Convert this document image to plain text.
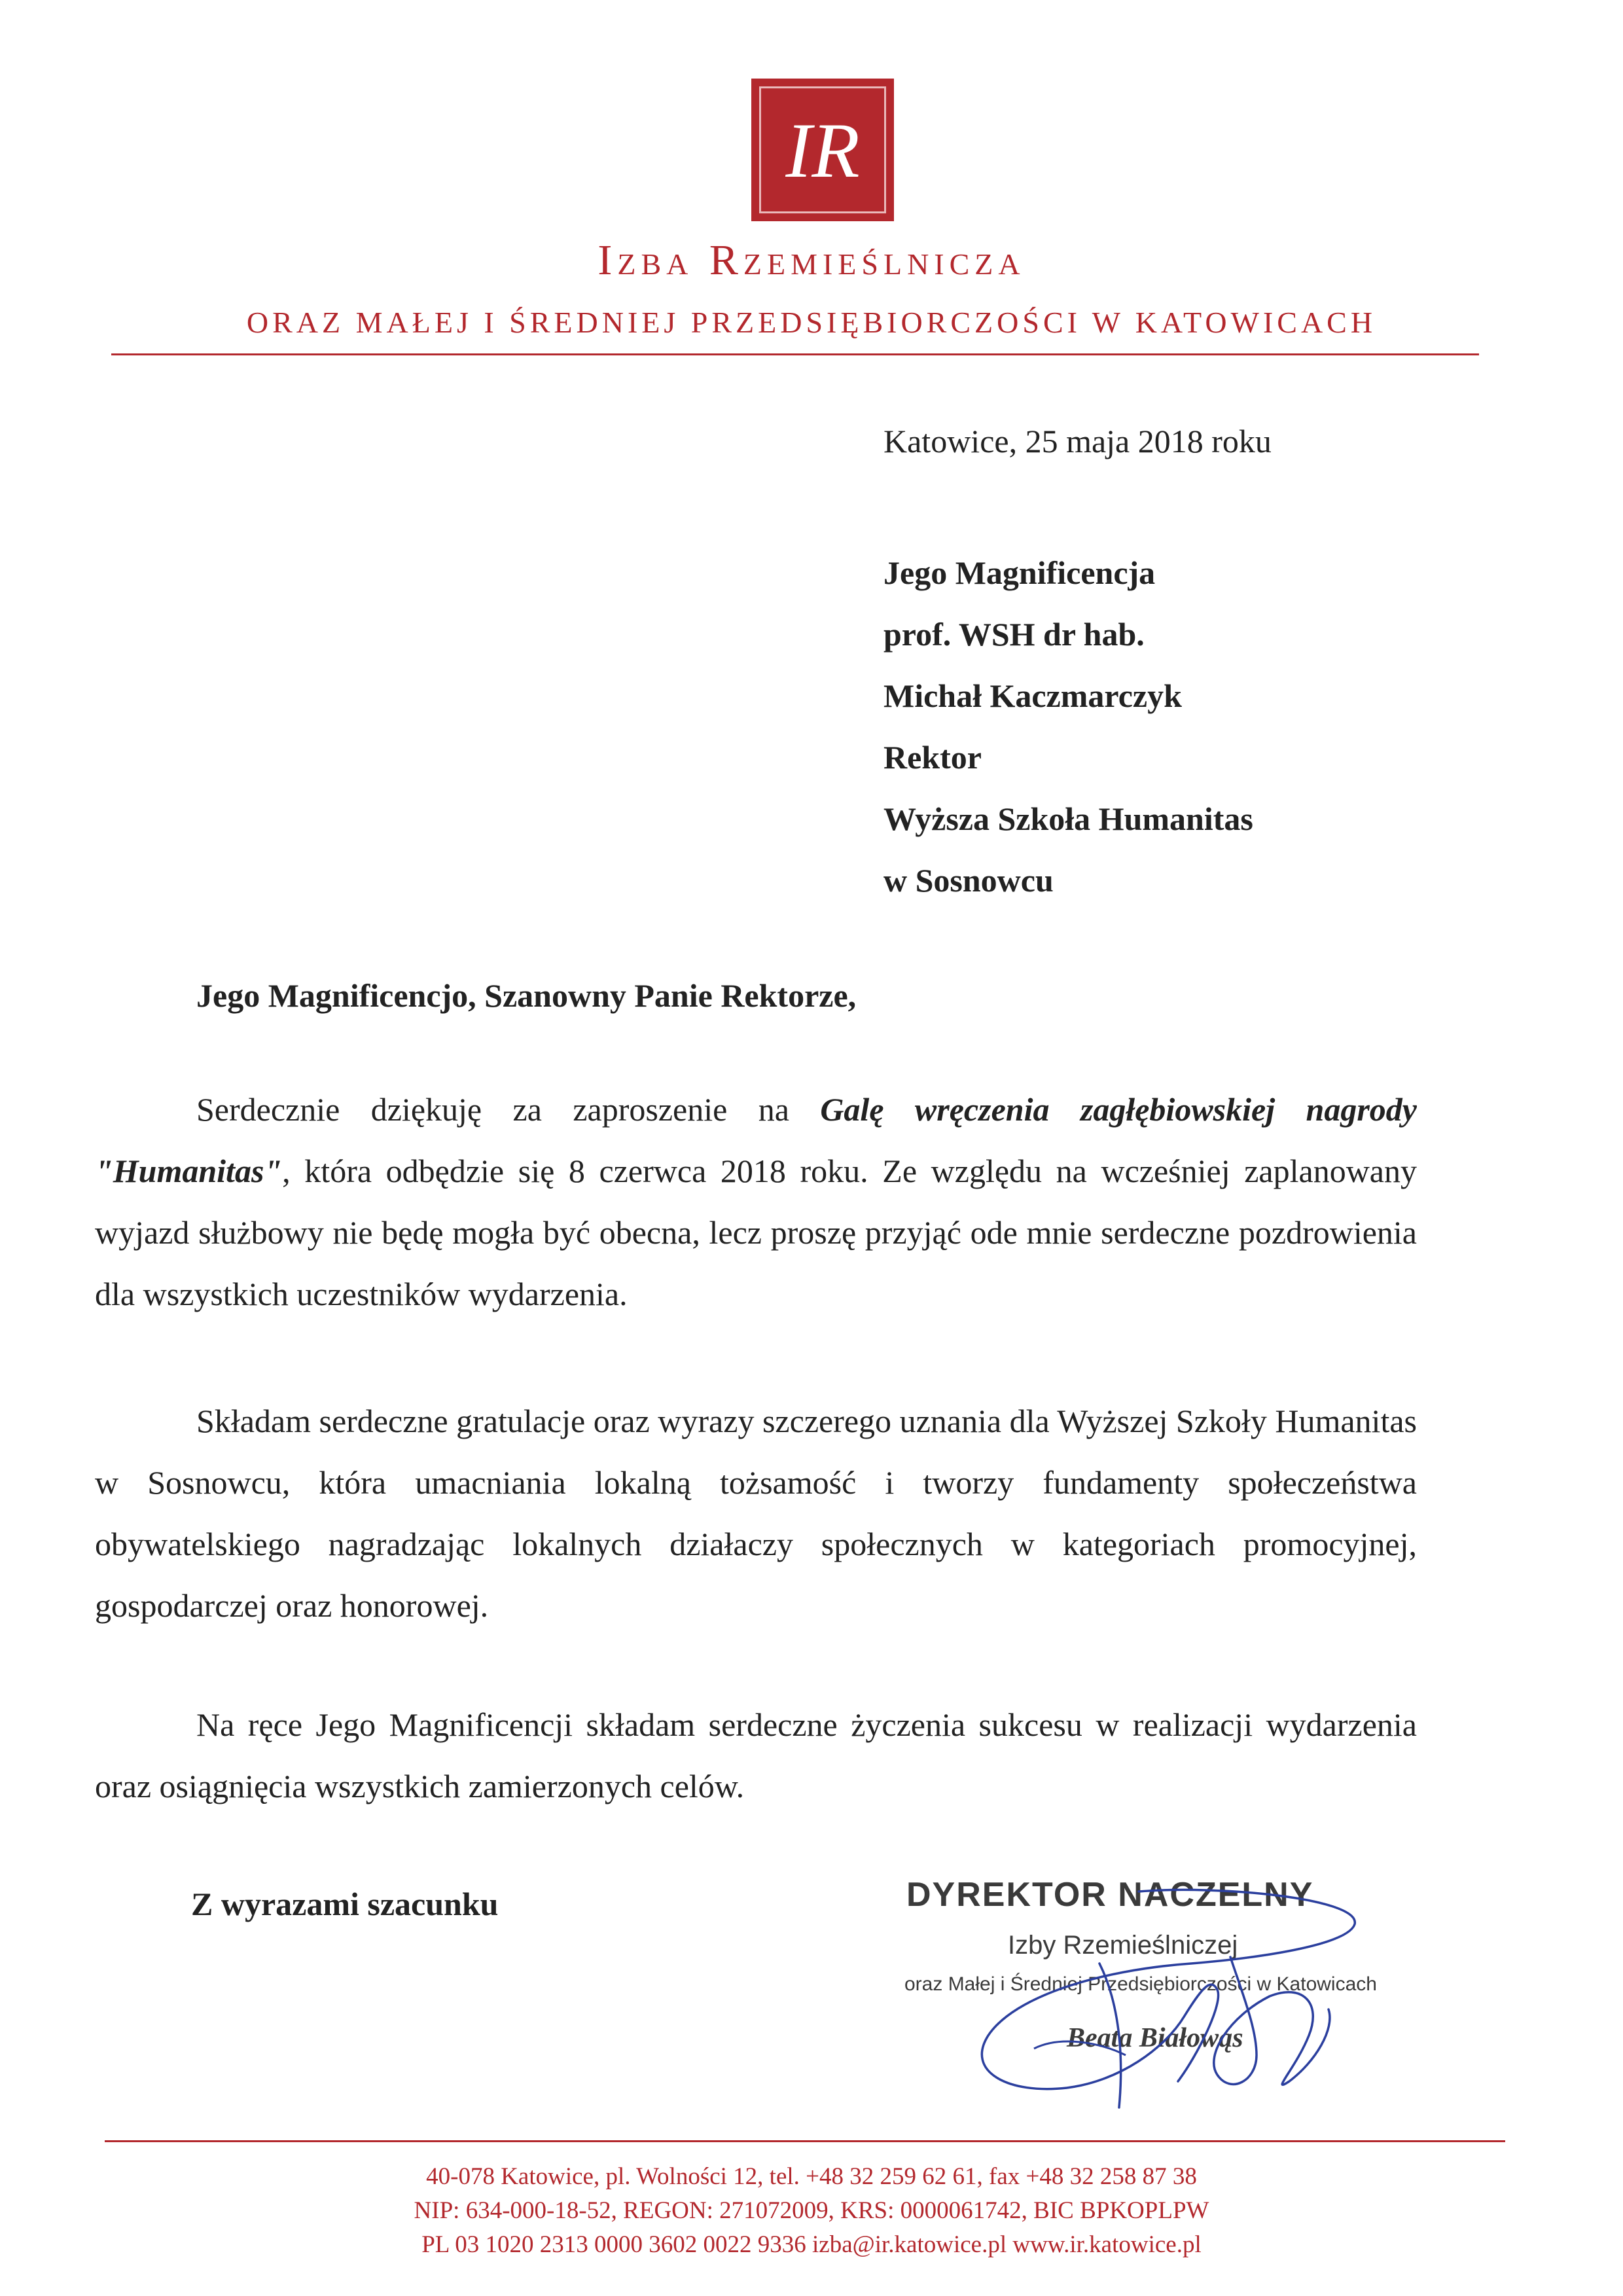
IR
Izba Rzemieślnicza
ORAZ MAŁEJ I ŚREDNIEJ PRZEDSIĘBIORCZOŚCI W KATOWICACH
Katowice, 25 maja 2018 roku
Jego Magnificencja
prof. WSH dr hab.
Michał Kaczmarczyk
Rektor
Wyższa Szkoła Humanitas
w Sosnowcu
Jego Magnificencjo, Szanowny Panie Rektorze,
Serdecznie dziękuję za zaproszenie na Galę wręczenia zagłębiowskiej nagrody "Humanitas", która odbędzie się 8 czerwca 2018 roku. Ze względu na wcześniej zaplanowany wyjazd służbowy nie będę mogła być obecna, lecz proszę przyjąć ode mnie serdeczne pozdrowienia dla wszystkich uczestników wydarzenia.
Składam serdeczne gratulacje oraz wyrazy szczerego uznania dla Wyższej Szkoły Humanitas w Sosnowcu, która umacniania lokalną tożsamość i tworzy fundamenty społeczeństwa obywatelskiego nagradzając lokalnych działaczy społecznych w kategoriach promocyjnej, gospodarczej oraz honorowej.
Na ręce Jego Magnificencji składam serdeczne życzenia sukcesu w realizacji wydarzenia oraz osiągnięcia wszystkich zamierzonych celów.
Z wyrazami szacunku	DYREKTOR NACZELNY
Izby Rzemieślniczej
oraz Małej i Średniej Przedsiębiorczości w Katowicach
Beata Białowąs
40-078 Katowice, pl. Wolności 12, tel. +48 32 259 62 61, fax +48 32 258 87 38
NIP: 634-000-18-52, REGON: 271072009, KRS: 0000061742, BIC BPKOPLPW
PL 03 1020 2313 0000 3602 0022 9336 izba@ir.katowice.pl www.ir.katowice.pl
